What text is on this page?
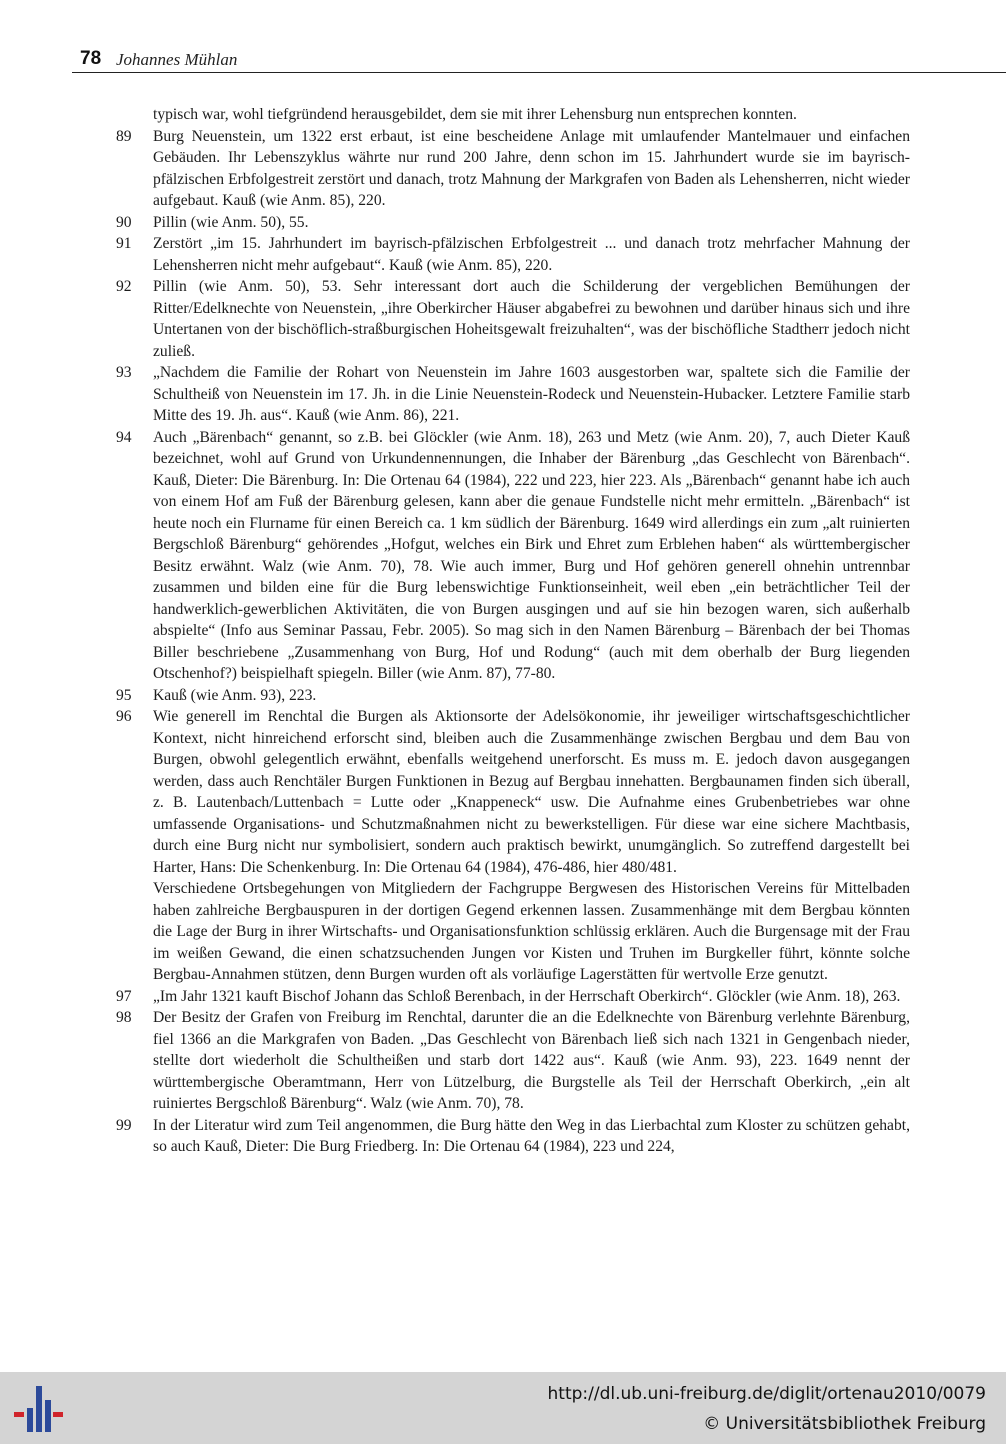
78 Johannes Mühlan
typisch war, wohl tiefgründend herausgebildet, dem sie mit ihrer Lehensburg nun entsprechen konnten.
89	Burg Neuenstein, um 1322 erst erbaut, ist eine bescheidene Anlage mit umlaufender Mantelmauer und einfachen Gebäuden. Ihr Lebenszyklus währte nur rund 200 Jahre, denn schon im 15. Jahrhundert wurde sie im bayrisch-pfälzischen Erbfolgestreit zerstört und danach, trotz Mahnung der Markgrafen von Baden als Lehensherren, nicht wieder aufgebaut. Kauß (wie Anm. 85), 220.
90	Pillin (wie Anm. 50), 55.
91	Zerstört „im 15. Jahrhundert im bayrisch-pfälzischen Erbfolgestreit ... und danach trotz mehrfacher Mahnung der Lehensherren nicht mehr aufgebaut“. Kauß (wie Anm. 85), 220.
92	Pillin (wie Anm. 50), 53. Sehr interessant dort auch die Schilderung der vergeblichen Bemühungen der Ritter/Edelknechte von Neuenstein, „ihre Oberkircher Häuser abgabefrei zu bewohnen und darüber hinaus sich und ihre Untertanen von der bischöflich-straßburgischen Hoheitsgewalt freizuhalten“, was der bischöfliche Stadtherr jedoch nicht zuließ.
93	„Nachdem die Familie der Rohart von Neuenstein im Jahre 1603 ausgestorben war, spaltete sich die Familie der Schultheiß von Neuenstein im 17. Jh. in die Linie Neuenstein-Rodeck und Neuenstein-Hubacker. Letztere Familie starb Mitte des 19. Jh. aus“. Kauß (wie Anm. 86), 221.
94	Auch „Bärenbach“ genannt, so z.B. bei Glöckler (wie Anm. 18), 263 und Metz (wie Anm. 20), 7, auch Dieter Kauß bezeichnet, wohl auf Grund von Urkundennennungen, die Inhaber der Bärenburg „das Geschlecht von Bärenbach“. Kauß, Dieter: Die Bärenburg. In: Die Ortenau 64 (1984), 222 und 223, hier 223. Als „Bärenbach“ genannt habe ich auch von einem Hof am Fuß der Bärenburg gelesen, kann aber die genaue Fundstelle nicht mehr ermitteln. „Bärenbach“ ist heute noch ein Flurname für einen Bereich ca. 1 km südlich der Bärenburg. 1649 wird allerdings ein zum „alt ruinierten Bergschloß Bärenburg“ gehörendes „Hofgut, welches ein Birk und Ehret zum Erblehen haben“ als württembergischer Besitz erwähnt. Walz (wie Anm. 70), 78. Wie auch immer, Burg und Hof gehören generell ohnehin untrennbar zusammen und bilden eine für die Burg lebenswichtige Funktionseinheit, weil eben „ein beträchtlicher Teil der handwerklich-gewerblichen Aktivitäten, die von Burgen ausgingen und auf sie hin bezogen waren, sich außerhalb abspielte“ (Info aus Seminar Passau, Febr. 2005). So mag sich in den Namen Bärenburg – Bärenbach der bei Thomas Biller beschriebene „Zusammenhang von Burg, Hof und Rodung“ (auch mit dem oberhalb der Burg liegenden Otschenhof?) beispielhaft spiegeln. Biller (wie Anm. 87), 77-80.
95	Kauß (wie Anm. 93), 223.
96	Wie generell im Renchtal die Burgen als Aktionsorte der Adelsökonomie, ihr jeweiliger wirtschaftsgeschichtlicher Kontext, nicht hinreichend erforscht sind, bleiben auch die Zusammenhänge zwischen Bergbau und dem Bau von Burgen, obwohl gelegentlich erwähnt, ebenfalls weitgehend unerforscht. Es muss m. E. jedoch davon ausgegangen werden, dass auch Renchtäler Burgen Funktionen in Bezug auf Bergbau innehatten. Bergbaunamen finden sich überall, z. B. Lautenbach/Luttenbach = Lutte oder „Knappeneck“ usw. Die Aufnahme eines Grubenbetriebes war ohne umfassende Organisations- und Schutzmaßnahmen nicht zu bewerkstelligen. Für diese war eine sichere Machtbasis, durch eine Burg nicht nur symbolisiert, sondern auch praktisch bewirkt, unumgänglich. So zutreffend dargestellt bei Harter, Hans: Die Schenkenburg. In: Die Ortenau 64 (1984), 476-486, hier 480/481.
Verschiedene Ortsbegehungen von Mitgliedern der Fachgruppe Bergwesen des Historischen Vereins für Mittelbaden haben zahlreiche Bergbauspuren in der dortigen Gegend erkennen lassen. Zusammenhänge mit dem Bergbau könnten die Lage der Burg in ihrer Wirtschafts- und Organisationsfunktion schlüssig erklären. Auch die Burgensage mit der Frau im weißen Gewand, die einen schatzsuchenden Jungen vor Kisten und Truhen im Burgkeller führt, könnte solche Bergbau-Annahmen stützen, denn Burgen wurden oft als vorläufige Lagerstätten für wertvolle Erze genutzt.
97	„Im Jahr 1321 kauft Bischof Johann das Schloß Berenbach, in der Herrschaft Oberkirch“. Glöckler (wie Anm. 18), 263.
98	Der Besitz der Grafen von Freiburg im Renchtal, darunter die an die Edelknechte von Bärenburg verlehnte Bärenburg, fiel 1366 an die Markgrafen von Baden. „Das Geschlecht von Bärenbach ließ sich nach 1321 in Gengenbach nieder, stellte dort wiederholt die Schultheißen und starb dort 1422 aus“. Kauß (wie Anm. 93), 223. 1649 nennt der württembergische Oberamtmann, Herr von Lützelburg, die Burgstelle als Teil der Herrschaft Oberkirch, „ein alt ruiniertes Bergschloß Bärenburg“. Walz (wie Anm. 70), 78.
99	In der Literatur wird zum Teil angenommen, die Burg hätte den Weg in das Lierbachtal zum Kloster zu schützen gehabt, so auch Kauß, Dieter: Die Burg Friedberg. In: Die Ortenau 64 (1984), 223 und 224,
http://dl.ub.uni-freiburg.de/diglit/ortenau2010/0079
© Universitätsbibliothek Freiburg
